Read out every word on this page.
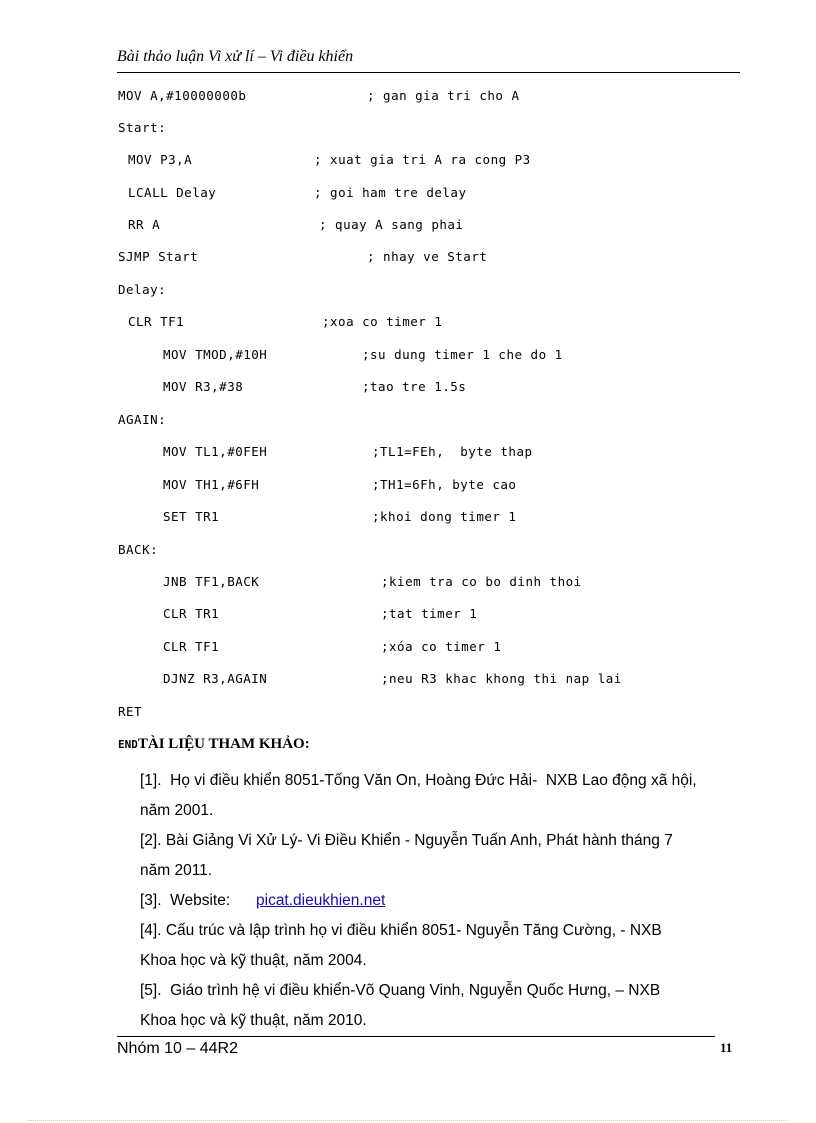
Bài thảo luận Vi xử lí – Vi điều khiển
MOV A,#10000000b	; gan gia tri cho A
Start:
MOV P3,A	; xuat gia tri A ra cong P3
LCALL Delay	; goi ham tre delay
RR A	; quay A sang phai
SJMP Start	; nhay ve Start
Delay:
CLR TF1	;xoa co timer 1
MOV TMOD,#10H	;su dung timer 1 che do 1
MOV R3,#38	;tao tre 1.5s
AGAIN:
MOV TL1,#0FEH	;TL1=FEh,  byte thap
MOV TH1,#6FH	;TH1=6Fh, byte cao
SET TR1	;khoi dong timer 1
BACK:
JNB TF1,BACK	;kiem tra co bo dinh thoi
CLR TR1	;tat timer 1
CLR TF1	;xóa co timer 1
DJNZ R3,AGAIN	;neu R3 khac khong thi nap lai
RET
ENDTÀI LIỆU THAM KHẢO:
[1].  Họ vi điều khiển 8051-Tống Văn On, Hoàng Đức Hải-  NXB Lao động xã hội,
năm 2001.
[2]. Bài Giảng Vi Xử Lý- Vi Điều Khiển - Nguyễn Tuấn Anh, Phát hành tháng 7
năm 2011.
[3].  Website: picat.dieukhien.net
[4]. Cấu trúc và lập trình họ vi điều khiển 8051- Nguyễn Tăng Cường, - NXB
Khoa học và kỹ thuật, năm 2004.
[5].  Giáo trình hệ vi điều khiển-Võ Quang Vinh, Nguyễn Quốc Hưng, – NXB
Khoa học và kỹ thuật, năm 2010.
Nhóm 10 – 44R2	11
